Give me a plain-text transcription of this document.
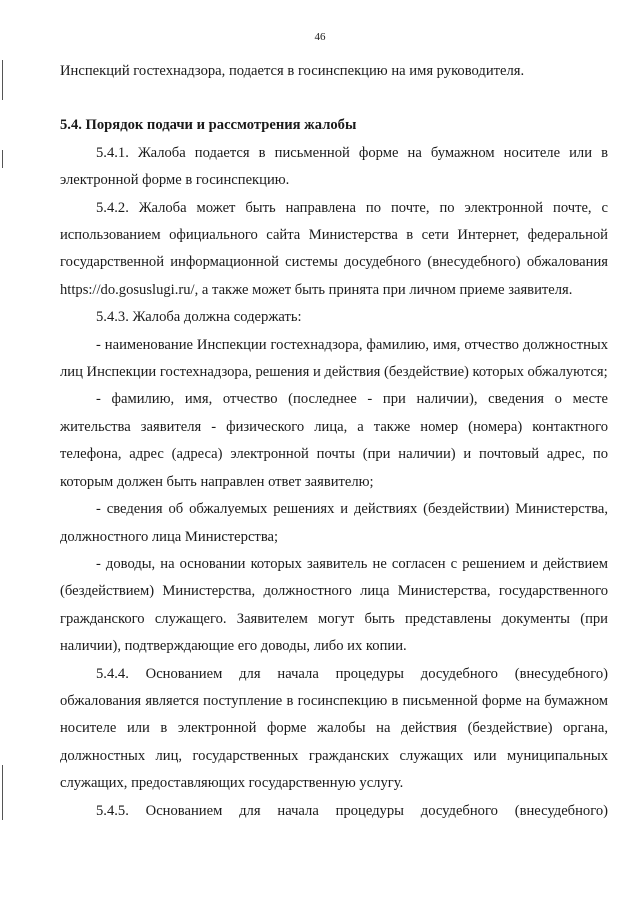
46

Инспекций гостехнадзора, подается в госинспекцию на имя руководителя.

5.4. Порядок подачи и рассмотрения жалобы

5.4.1. Жалоба подается в письменной форме на бумажном носителе или в электронной форме в госинспекцию.

5.4.2. Жалоба может быть направлена по почте, по электронной почте, с использованием официального сайта Министерства в сети Интернет, федеральной государственной информационной системы досудебного (внесудебного) обжалования https://do.gosuslugi.ru/, а также может быть принята при личном приеме заявителя.

5.4.3. Жалоба должна содержать:

- наименование Инспекции гостехнадзора, фамилию, имя, отчество должностных лиц Инспекции гостехнадзора, решения и действия (бездействие) которых обжалуются;

- фамилию, имя, отчество (последнее - при наличии), сведения о месте жительства заявителя - физического лица, а также номер (номера) контактного телефона, адрес (адреса) электронной почты (при наличии) и почтовый адрес, по которым должен быть направлен ответ заявителю;

- сведения об обжалуемых решениях и действиях (бездействии) Министерства, должностного лица Министерства;

- доводы, на основании которых заявитель не согласен с решением и действием (бездействием) Министерства, должностного лица Министерства, государственного гражданского служащего. Заявителем могут быть представлены документы (при наличии), подтверждающие его доводы, либо их копии.

5.4.4. Основанием для начала процедуры досудебного (внесудебного) обжалования является поступление в госинспекцию в письменной форме на бумажном носителе или в электронной форме жалобы на действия (бездействие) органа, должностных лиц, государственных гражданских служащих или муниципальных служащих, предоставляющих государственную услугу.

5.4.5. Основанием для начала процедуры досудебного (внесудебного)
